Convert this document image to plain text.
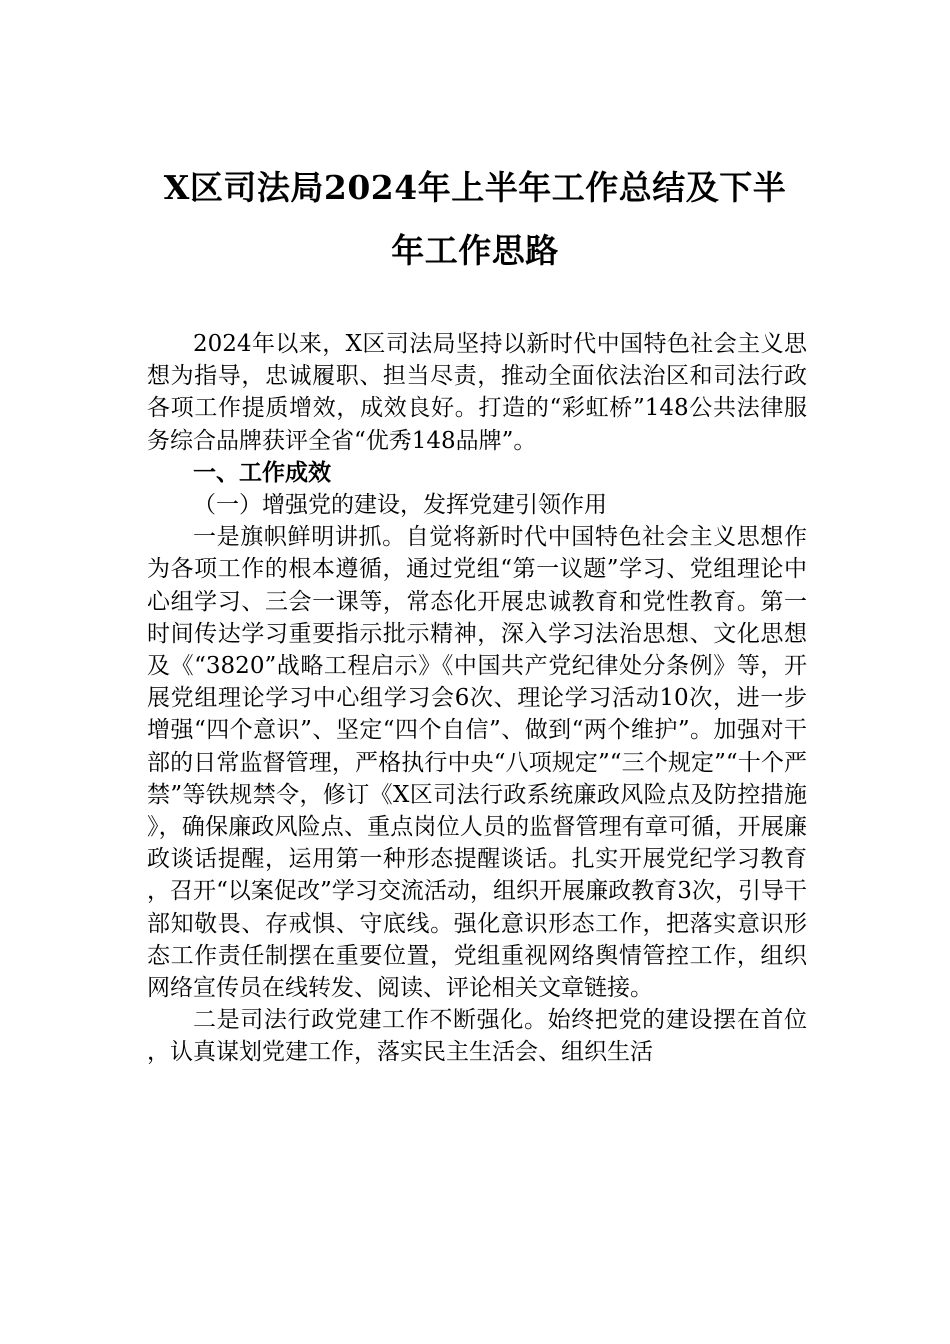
X区司法局2024年上半年工作总结及下半
年工作思路

2024年以来，X区司法局坚持以新时代中国特色社会主义思想为指导，忠诚履职、担当尽责，推动全面依法治区和司法行政各项工作提质增效，成效良好。打造的“彩虹桥”148公共法律服务综合品牌获评全省“优秀148品牌”。

一、工作成效

（一）增强党的建设，发挥党建引领作用

一是旗帜鲜明讲抓。自觉将新时代中国特色社会主义思想作为各项工作的根本遵循，通过党组“第一议题”学习、党组理论中心组学习、三会一课等，常态化开展忠诚教育和党性教育。第一时间传达学习重要指示批示精神，深入学习法治思想、文化思想及《“3820”战略工程启示》《中国共产党纪律处分条例》等，开展党组理论学习中心组学习会6次、理论学习活动10次，进一步增强“四个意识”、坚定“四个自信”、做到“两个维护”。加强对干部的日常监督管理，严格执行中央“八项规定”“三个规定”“十个严禁”等铁规禁令，修订《X区司法行政系统廉政风险点及防控措施》，确保廉政风险点、重点岗位人员的监督管理有章可循，开展廉政谈话提醒，运用第一种形态提醒谈话。扎实开展党纪学习教育，召开“以案促改”学习交流活动，组织开展廉政教育3次，引导干部知敬畏、存戒惧、守底线。强化意识形态工作，把落实意识形态工作责任制摆在重要位置，党组重视网络舆情管控工作，组织网络宣传员在线转发、阅读、评论相关文章链接。

二是司法行政党建工作不断强化。始终把党的建设摆在首位，认真谋划党建工作，落实民主生活会、组织生活
